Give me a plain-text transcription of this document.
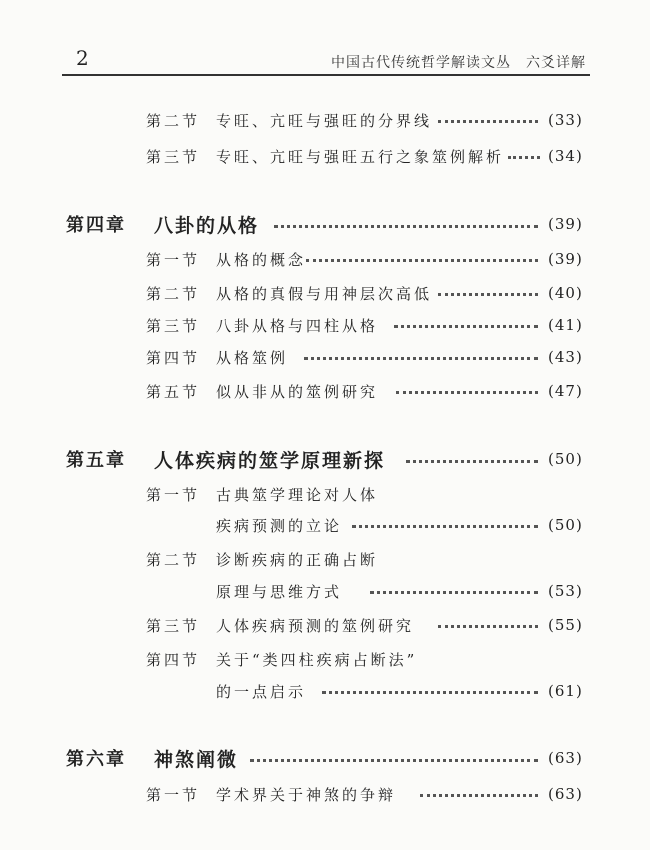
2	中国古代传统哲学解读文丛　六爻详解
第二节 专旺、亢旺与强旺的分界线	(33)
第三节 专旺、亢旺与强旺五行之象筮例解析	(34)
第四章 八卦的从格	(39)
第一节 从格的概念	(39)
第二节 从格的真假与用神层次高低	(40)
第三节 八卦从格与四柱从格	(41)
第四节 从格筮例	(43)
第五节 似从非从的筮例研究	(47)
第五章 人体疾病的筮学原理新探	(50)
第一节 古典筮学理论对人体
疾病预测的立论	(50)
第二节 诊断疾病的正确占断
原理与思维方式	(53)
第三节 人体疾病预测的筮例研究	(55)
第四节 关于“类四柱疾病占断法”
的一点启示	(61)
第六章 神煞阐微	(63)
第一节 学术界关于神煞的争辩	(63)
